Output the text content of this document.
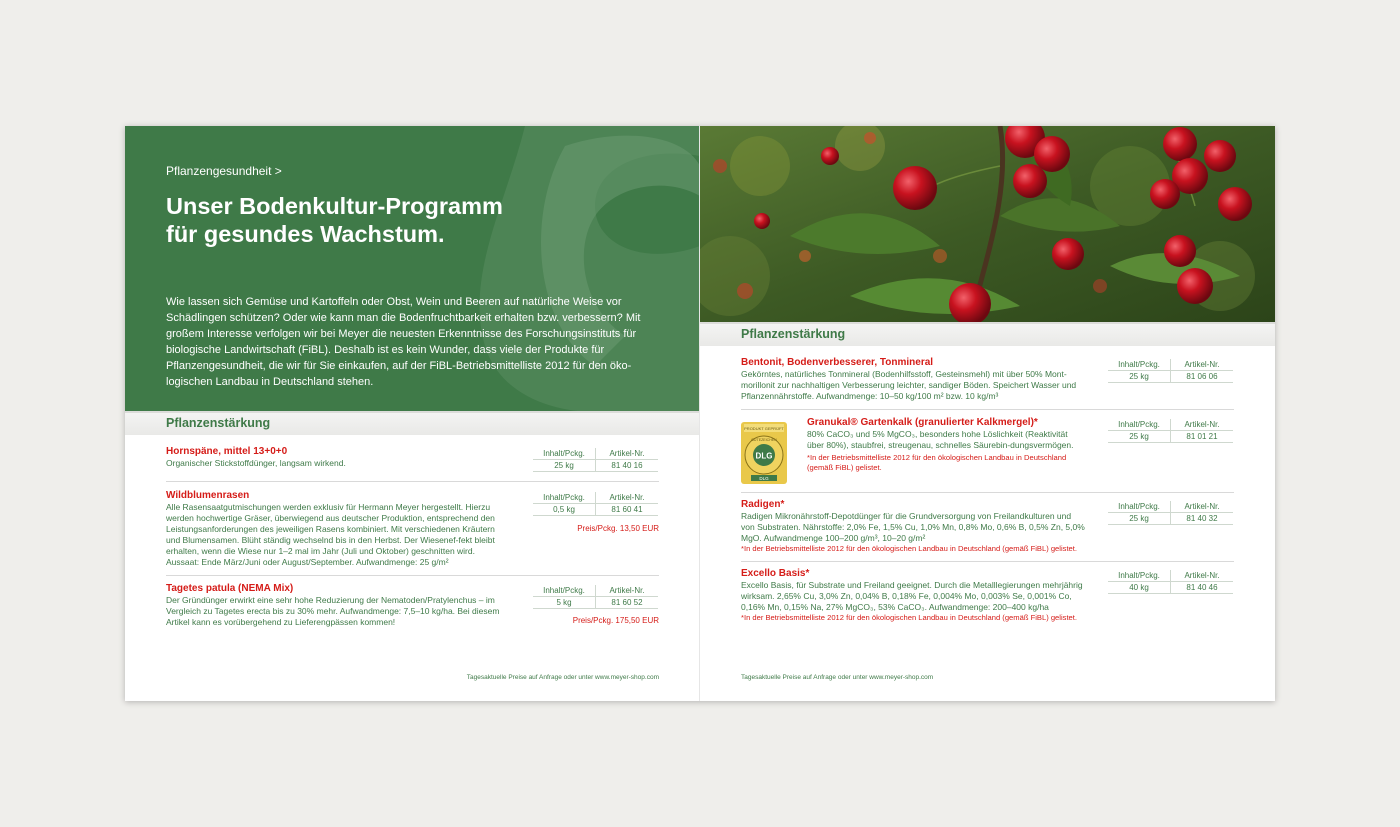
Pflanzengesundheit >
Unser Bodenkultur-Programm
für gesundes Wachstum.

Wie lassen sich Gemüse und Kartoffeln oder Obst, Wein und Beeren auf natürliche Weise vor Schädlingen schützen? Oder wie kann man die Bodenfruchtbarkeit erhalten bzw. verbessern? Mit großem Interesse verfolgen wir bei Meyer die neuesten Erkenntnisse des Forschungsinstituts für biologische Landwirtschaft (FiBL). Deshalb ist es kein Wunder, dass viele der Produkte für Pflanzengesundheit, die wir für Sie einkaufen, auf der FiBL-Betriebsmittelliste 2012 für den öko-logischen Landbau in Deutschland stehen.

Pflanzenstärkung
Hornspäne, mittel 13+0+0
Organischer Stickstoffdünger, langsam wirkend.
Inhalt/Pckg.	Artikel-Nr.
25 kg	81 40 16
Wildblumenrasen
Alle Rasensaatgutmischungen werden exklusiv für Hermann Meyer hergestellt. Hierzu werden hochwertige Gräser, überwiegend aus deutscher Produktion, entsprechend den Leistungsanforderungen des jeweiligen Rasens kombiniert. Mit verschiedenen Kräutern und Blumensamen. Blüht ständig wechselnd bis in den Herbst. Der Wiesenef-fekt bleibt erhalten, wenn die Wiese nur 1–2 mal im Jahr (Juli und Oktober) geschnitten wird. Aussaat: Ende März/Juni oder August/September. Aufwandmenge: 25 g/m²
Inhalt/Pckg.	Artikel-Nr.
0,5 kg	81 60 41
Preis/Pckg. 13,50 EUR
Tagetes patula (NEMA Mix)
Der Gründünger erwirkt eine sehr hohe Reduzierung der Nematoden/Pratylenchus – im Vergleich zu Tagetes erecta bis zu 30% mehr. Aufwandmenge: 7,5–10 kg/ha. Bei diesem Artikel kann es vorübergehend zu Lieferengpässen kommen!
Inhalt/Pckg.	Artikel-Nr.
5 kg	81 60 52
Preis/Pckg. 175,50 EUR
Tagesaktuelle Preise auf Anfrage oder unter www.meyer-shop.com
Pflanzenstärkung
Bentonit, Bodenverbesserer, Tonmineral
Gekörntes, natürliches Tonmineral (Bodenhilfsstoff, Gesteinsmehl) mit über 50% Mont-morillonit zur nachhaltigen Verbesserung leichter, sandiger Böden. Speichert Wasser und Pflanzennährstoffe. Aufwandmenge: 10–50 kg/100 m² bzw. 10 kg/m³
Inhalt/Pckg.	Artikel-Nr.
25 kg	81 06 06
PRODUKT GEPRÜFT
DLG
GÜTEZEICHEN
DLG
Granukal® Gartenkalk (granulierter Kalkmergel)*
80% CaCO₃ und 5% MgCO₃, besonders hohe Löslichkeit (Reaktivität über 80%), staubfrei, streugenau, schnelles Säurebin-dungsvermögen.
*In der Betriebsmittelliste 2012 für den ökologischen Landbau in Deutschland (gemäß FiBL) gelistet.
Inhalt/Pckg.	Artikel-Nr.
25 kg	81 01 21
Radigen*
Radigen Mikronährstoff-Depotdünger für die Grundversorgung von Freilandkulturen und von Substraten. Nährstoffe: 2,0% Fe, 1,5% Cu, 1,0% Mn, 0,8% Mo, 0,6% B, 0,5% Zn, 5,0% MgO. Aufwandmenge 100–200 g/m³, 10–20 g/m²
*In der Betriebsmittelliste 2012 für den ökologischen Landbau in Deutschland (gemäß FiBL) gelistet.
Inhalt/Pckg.	Artikel-Nr.
25 kg	81 40 32
Excello Basis*
Excello Basis, für Substrate und Freiland geeignet. Durch die Metalllegierungen mehrjährig wirksam. 2,65% Cu, 3,0% Zn, 0,04% B, 0,18% Fe, 0,004% Mo, 0,003% Se, 0,001% Co, 0,16% Mn, 0,15% Na, 27% MgCO₃, 53% CaCO₃. Aufwandmenge: 200–400 kg/ha
*In der Betriebsmittelliste 2012 für den ökologischen Landbau in Deutschland (gemäß FiBL) gelistet.
Inhalt/Pckg.	Artikel-Nr.
40 kg	81 40 46
Tagesaktuelle Preise auf Anfrage oder unter www.meyer-shop.com
